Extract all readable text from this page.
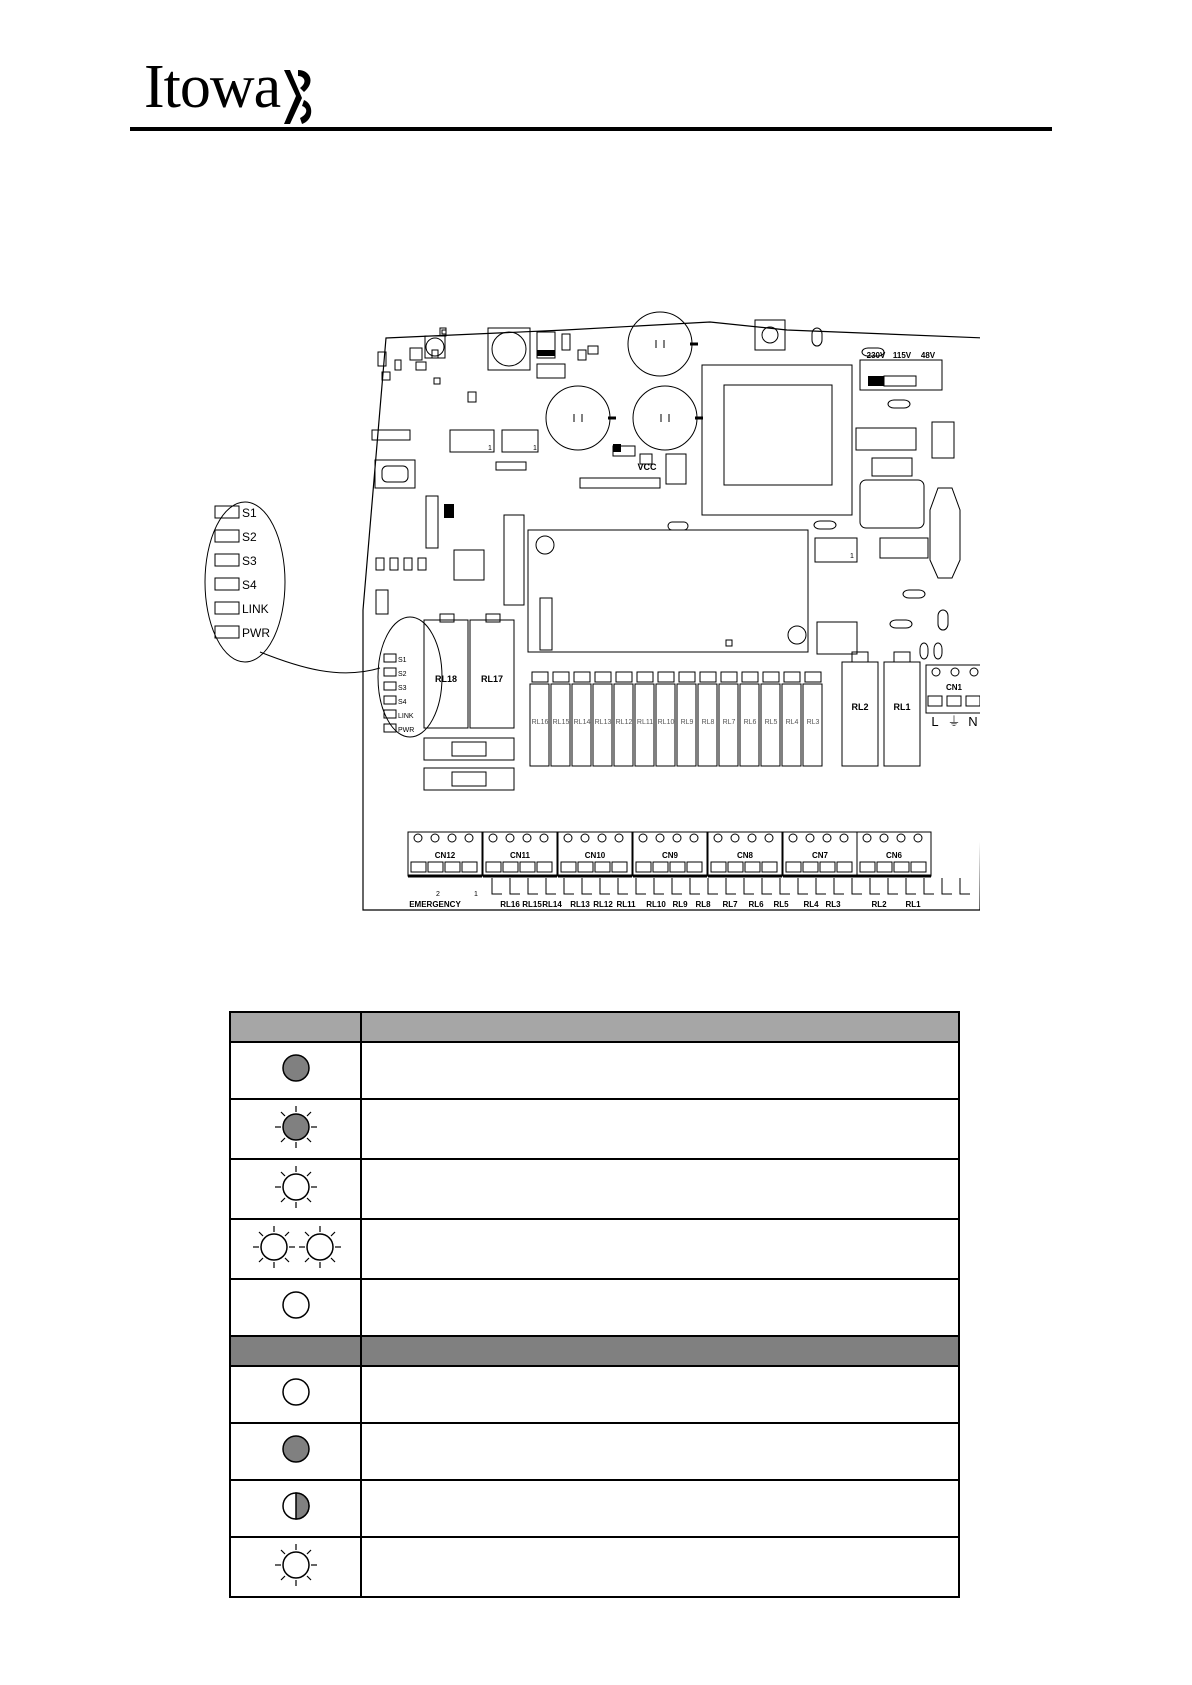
Itowa
230V 115V 48V
1
1	1
VCC
S1
S2
S3
S4
LINK
PWR
S1
S2
S3
S4
LINK
PWR
RL18	RL17
RL16 RL15 RL14 RL13 RL12 RL11 RL10 RL9 RL8 RL7 RL6 RL5 RL4 RL3
RL2	RL1
CN1
L ⏚ N
CN12	CN11	CN10	CN9	CN8	CN7	CN6
EMERGENCY	RL16 RL15 RL14 RL13 RL12 RL11 RL10 RL9 RL8 RL7 RL6 RL5 RL4 RL3	RL2 RL1
2	1
